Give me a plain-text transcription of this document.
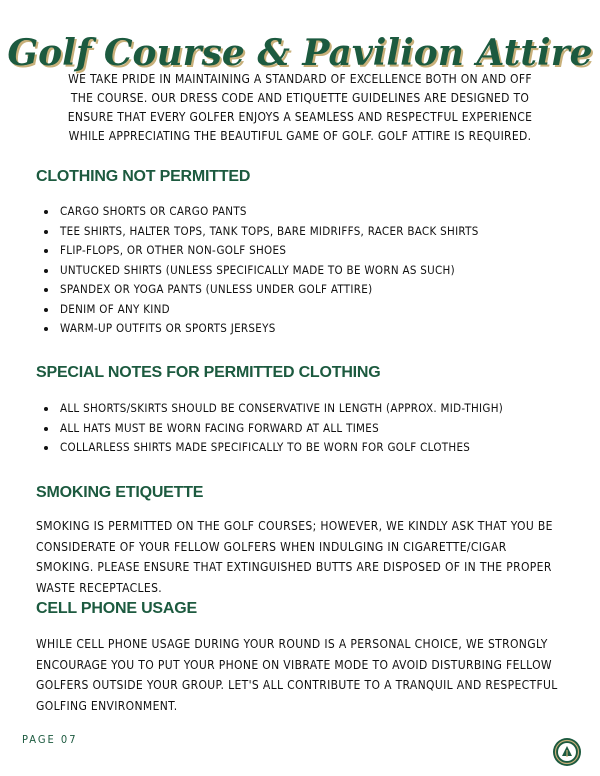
Golf Course & Pavilion Attire

WE TAKE PRIDE IN MAINTAINING A STANDARD OF EXCELLENCE BOTH ON AND OFF THE COURSE. OUR DRESS CODE AND ETIQUETTE GUIDELINES ARE DESIGNED TO ENSURE THAT EVERY GOLFER ENJOYS A SEAMLESS AND RESPECTFUL EXPERIENCE WHILE APPRECIATING THE BEAUTIFUL GAME OF GOLF. GOLF ATTIRE IS REQUIRED.

CLOTHING NOT PERMITTED
• CARGO SHORTS OR CARGO PANTS
• TEE SHIRTS, HALTER TOPS, TANK TOPS, BARE MIDRIFFS, RACER BACK SHIRTS
• FLIP-FLOPS, OR OTHER NON-GOLF SHOES
• UNTUCKED SHIRTS (UNLESS SPECIFICALLY MADE TO BE WORN AS SUCH)
• SPANDEX OR YOGA PANTS (UNLESS UNDER GOLF ATTIRE)
• DENIM OF ANY KIND
• WARM-UP OUTFITS OR SPORTS JERSEYS
SPECIAL NOTES FOR PERMITTED CLOTHING
• ALL SHORTS/SKIRTS SHOULD BE CONSERVATIVE IN LENGTH (APPROX. MID-THIGH)
• ALL HATS MUST BE WORN FACING FORWARD AT ALL TIMES
• COLLARLESS SHIRTS MADE SPECIFICALLY TO BE WORN FOR GOLF CLOTHES
SMOKING ETIQUETTE

SMOKING IS PERMITTED ON THE GOLF COURSES; HOWEVER, WE KINDLY ASK THAT YOU BE CONSIDERATE OF YOUR FELLOW GOLFERS WHEN INDULGING IN CIGARETTE/CIGAR SMOKING. PLEASE ENSURE THAT EXTINGUISHED BUTTS ARE DISPOSED OF IN THE PROPER WASTE RECEPTACLES.

CELL PHONE USAGE

WHILE CELL PHONE USAGE DURING YOUR ROUND IS A PERSONAL CHOICE, WE STRONGLY ENCOURAGE YOU TO PUT YOUR PHONE ON VIBRATE MODE TO AVOID DISTURBING FELLOW GOLFERS OUTSIDE YOUR GROUP. LET'S ALL CONTRIBUTE TO A TRANQUIL AND RESPECTFUL GOLFING ENVIRONMENT.

PAGE 07
